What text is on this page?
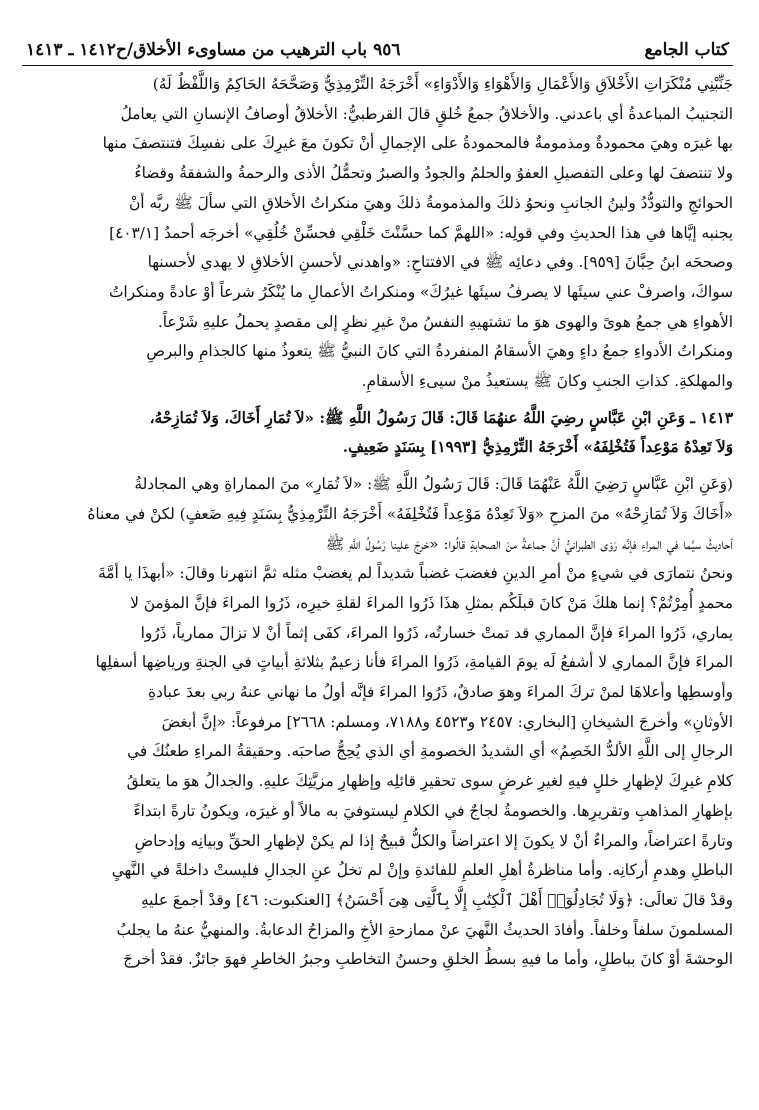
كتاب الجامع
٩٥٦ باب الترهيب من مساوىء الأخلاق/ح١٤١٢ ـ ١٤١٣

جَنِّبْنِي مُنْكَرَاتِ الأَخْلاَقِ وَالأَعْمَالِ وَالأَهْوَاءِ وَالأَدْوَاءِ» أَخْرَجَهُ التِّرْمِذِيُّ وَصَحَّحَهُ الحَاكِمُ وَاللَّفْظُ لَهُ)

التجنيبُ المباعدةُ أي باعدني. والأخلاقُ جمعُ خُلقٍ قالَ القرطبيُّ: الأخلاقُ أوصافُ الإنسانِ التي يعاملُ

بها غيرَه وهيَ محمودةٌ ومذمومةٌ فالمحمودةُ على الإجمالِ أنْ تكونَ معَ غيرِكَ على نفسِكَ فتنتصفَ منها

ولا تنتصفَ لها وعلى التفصيلِ العفوُ والحلمُ والجودُ والصبرُ وتحمُّلُ الأذى والرحمةُ والشفقةُ وقضاءُ

الحوائجِ والتودُّدُ ولينُ الجانبِ ونحوُ ذلكَ والمذمومةُ ذلكَ وهيَ منكراتُ الأخلاقِ التي سألَ ﷺ ربَّه أنْ

يجنبه إيَّاها في هذا الحديثِ وفي قولِه: «اللهمَّ كما حسَّنْتَ خَلْقِي فحسِّنْ خُلُقِي» أخرجَه أحمدُ [٤٠٣/١]

وصححَه ابنُ حِبَّانَ [٩٥٩]. وفي دعائِه ﷺ في الافتتاحِ: «واهدني لأحسنِ الأخلاقِ لا يهدي لأحسنها

سواكَ، واصرفْ عني سيئَها لا يصرفُ سيئَها غيرُكَ» ومنكراتُ الأعمالِ ما يُنْكَرُ شرعاً أوْ عادةً ومنكراتُ

الأهواءِ هي جمعُ هوىً والهوى هوَ ما تشتهيهِ النفسُ منْ غيرِ نظرٍ إلى مقصدٍ يحملُ عليهِ شَرْعاً.

ومنكراتُ الأدواءِ جمعُ داءٍ وهيَ الأسقامُ المنفردةُ التي كانَ النبيُّ ﷺ يتعوذُ منها كالجذامِ والبرصِ

والمهلكةِ. كذاتِ الجنبِ وكانَ ﷺ يستعيذُ منْ سيىءِ الأسقامِ.

١٤١٣ ـ وَعَنِ ابْنِ عَبَّاسٍ رضِيَ اللَّهُ عنهُمَا قَالَ: قَالَ رَسُولُ اللَّهِ ﷺ: «لاَ تُمَارِ أَخَاكَ، وَلاَ تُمَازِحْهُ،

وَلاَ تَعِدْهُ مَوْعِداً فَتُخْلِفَهُ» أَخْرَجَهُ التِّرْمِذِيُّ [١٩٩٣] بِسَنَدٍ ضَعِيفٍ.

(وَعَنِ ابْنِ عَبَّاسٍ رَضِيَ اللَّهُ عَنْهُمَا قَالَ: قَالَ رَسُولُ اللَّهِ ﷺ: «لاَ تُمَارِ» منَ المماراةِ وهي المجادلةُ

«أَخَاكَ وَلاَ تُمَازِحْهُ» منَ المزحِ «وَلاَ تَعِدْهُ مَوْعِداً فَتُخْلِفَهُ» أَخْرَجَهُ التِّرْمِذِيُّ بِسَنَدٍ فِيهِ ضَعفٍ) لكنْ في معناهُ

أحاديثُ سيَّما في المراءِ فإنَّه رَوَى الطبرانيُّ أنَّ جماعةً منَ الصحابةِ قالُوا: «خرجَ علينا رَسُولُ اللَّهِ ﷺ

ونحنُ نتمارَى في شيءٍ منْ أمرِ الدينِ فغضبَ غضباً شديداً لم يغضبْ مثله ثمَّ انتهرنا وقالَ: «أبهذَا يا أمَّةَ

محمدٍ أُمِرْتُمْ؟ إنما هلكَ مَنْ كانَ قبلَكُم بمثلِ هذَا ذَرُوا المراءَ لقلةِ خيرِه، ذَرُوا المراءَ فإنَّ المؤمنَ لا

يماري، ذَرُوا المراءَ فإنَّ المماري قد تمتْ خسارتُه، ذَرُوا المراءَ، كفَى إثماً أنْ لا تزالَ ممارياً، ذَرُوا

المراءَ فإنَّ المماري لا أشفعُ لَه يومَ القيامةِ، ذَرُوا المراءَ فأنا زعيمٌ بثلاثةِ أبياتٍ في الجنةِ ورياضِها أسفلِها

وأوسطِها وأعلاهَا لمنْ تركَ المراءَ وهوَ صادقٌ، ذَرُوا المراءَ فإنَّه أولُ ما نهاني عنهُ ربي بعدَ عبادةِ

الأوثانِ» وأخرجَ الشيخانِ [البخاري: ٢٤٥٧ و٤٥٢٣ و٧١٨٨، ومسلم: ٢٦٦٨] مرفوعاً: «إنَّ أبغضَ

الرجالِ إلى اللَّهِ الألدُّ الخَصِمُ» أي الشديدُ الخصومةِ أي الذي يُحِجُّ صاحبَه. وحقيقةُ المراءِ طعنُكَ في

كلامِ غيرِكَ لإظهارِ خللٍ فيهِ لغيرِ غرضٍ سوى تحقيرِ قائلِه وإظهارِ مزيَّتِكَ عليهِ. والجدالُ هوَ ما يتعلقُ

بإظهارِ المذاهبِ وتقريرِها. والخصومةُ لجاجٌ في الكلامِ ليستوفيَ به مالاً أو غيرَه، ويكونُ تارةً ابتداءً

وتارةً اعتراضاً، والمراءُ أنْ لا يكونَ إلا اعتراضاً والكلُّ قبيحٌ إذا لم يكنْ لإظهارِ الحقِّ وبيانِه وإدحاضِ

الباطلِ وهدمِ أركانِه. وأما مناظرةُ أهلِ العلمِ للفائدةِ وإنْ لم تخلُ عنِ الجدالِ فليستْ داخلةً في النَّهيِ

وقدْ قالَ تعالَى: ﴿وَلَا تُجَادِلُوٓا۟ أَهْلَ ٱلْكِتَٰبِ إِلَّا بِٱلَّتِى هِىَ أَحْسَنُ﴾ [العنكبوت: ٤٦] وقدْ أجمعَ عليهِ

المسلمونَ سلفاً وخلفاً. وأفادَ الحديثُ النَّهيَ عنْ ممازحةِ الأخِ والمزاحُ الدعابةُ. والمنهيُّ عنهُ ما يجلبُ

الوحشةَ أوْ كانَ بباطلٍ، وأما ما فيهِ بسطُ الخلقِ وحسنُ التخاطبِ وجبرُ الخاطرِ فهوَ جائزٌ. فقدْ أخرجَ
